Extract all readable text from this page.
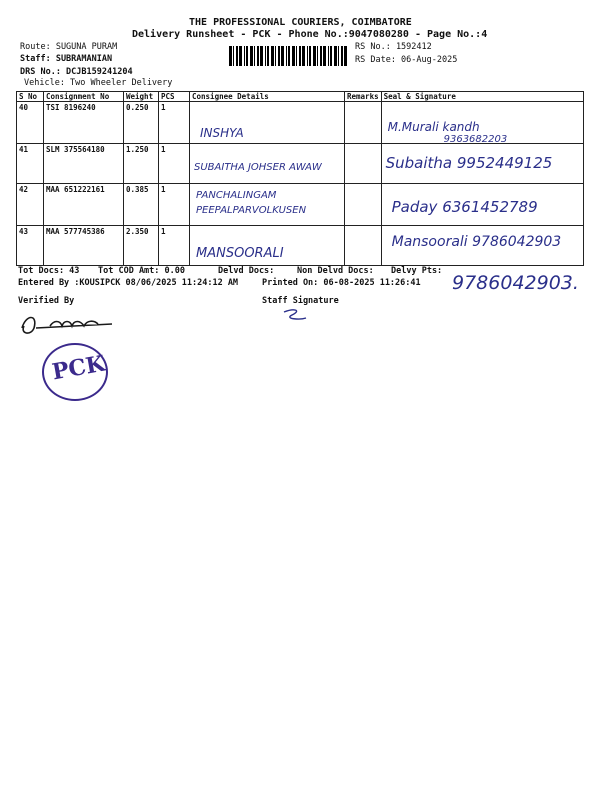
THE PROFESSIONAL COURIERS, COIMBATORE
Delivery Runsheet - PCK - Phone No.:9047080280 - Page No.:4
Route: SUGUNA PURAM
Staff: SUBRAMANIAN
DRS No.: DCJB159241204
Vehicle: Two Wheeler Delivery
RS No.: 1592412
RS Date: 06-Aug-2025
S No	Consignment No	Weight	PCS	Consignee Details	Remarks	Seal & Signature
40	TSI 8196240	0.250	1	INSHYA		M.Murali kandh
9363682203

41	SLM 375564180	1.250	1	SUBAITHA JOHSER AWAW		Subaitha 9952449125

42	MAA 651222161	0.385	1	PANCHALINGAM
PEEPALPARVOLKUSEN		Paday 6361452789

43	MAA 577745386	2.350	1	MANSOORALI		Mansoorali 9786042903
Tot Docs: 43 Tot COD Amt: 0.00	Delvd Docs:	Non Delvd Docs: Delvy Pts:
Entered By :KOUSIPCK 08/06/2025 11:24:12 AM	Printed On: 06-08-2025 11:26:41 9786042903.
Verified By	Staff Signature
PCK
